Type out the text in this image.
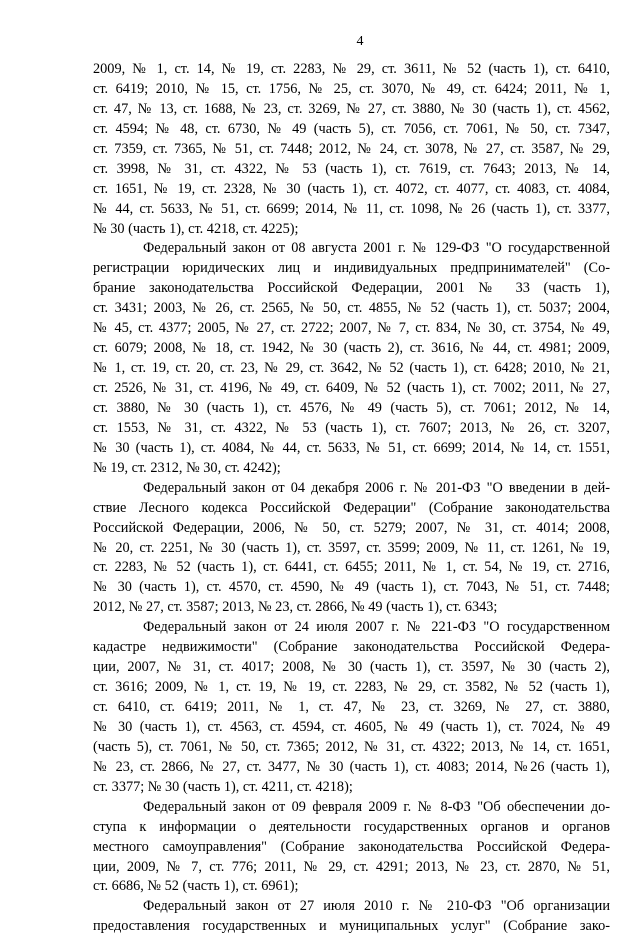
4
2009, № 1, ст. 14, № 19, ст. 2283, № 29, ст. 3611, № 52 (часть 1), ст. 6410,
ст. 6419; 2010, № 15, ст. 1756, № 25, ст. 3070, № 49, ст. 6424; 2011, № 1,
ст. 47, № 13, ст. 1688, № 23, ст. 3269, № 27, ст. 3880, № 30 (часть 1), ст. 4562,
ст. 4594; № 48, ст. 6730, № 49 (часть 5), ст. 7056, ст. 7061, № 50, ст. 7347,
ст. 7359, ст. 7365, № 51, ст. 7448; 2012, № 24, ст. 3078, № 27, ст. 3587, № 29,
ст. 3998, № 31, ст. 4322, № 53 (часть 1), ст. 7619, ст. 7643; 2013, № 14,
ст. 1651, № 19, ст. 2328, № 30 (часть 1), ст. 4072, ст. 4077, ст. 4083, ст. 4084,
№ 44, ст. 5633, № 51, ст. 6699; 2014, № 11, ст. 1098, № 26 (часть 1), ст. 3377,
№ 30 (часть 1), ст. 4218, ст. 4225);
Федеральный закон от 08 августа 2001 г. № 129-ФЗ "О государственной
регистрации юридических лиц и индивидуальных предпринимателей" (Со-
брание законодательства Российской Федерации, 2001 № 33 (часть 1),
ст. 3431; 2003, № 26, ст. 2565, № 50, ст. 4855, № 52 (часть 1), ст. 5037; 2004,
№ 45, ст. 4377; 2005, № 27, ст. 2722; 2007, № 7, ст. 834, № 30, ст. 3754, № 49,
ст. 6079; 2008, № 18, ст. 1942, № 30 (часть 2), ст. 3616, № 44, ст. 4981; 2009,
№ 1, ст. 19, ст. 20, ст. 23, № 29, ст. 3642, № 52 (часть 1), ст. 6428; 2010, № 21,
ст. 2526, № 31, ст. 4196, № 49, ст. 6409, № 52 (часть 1), ст. 7002; 2011, № 27,
ст. 3880, № 30 (часть 1), ст. 4576, № 49 (часть 5), ст. 7061; 2012, № 14,
ст. 1553, № 31, ст. 4322, № 53 (часть 1), ст. 7607; 2013, № 26, ст. 3207,
№ 30 (часть 1), ст. 4084, № 44, ст. 5633, № 51, ст. 6699; 2014, № 14, ст. 1551,
№ 19, ст. 2312, № 30, ст. 4242);
Федеральный закон от 04 декабря 2006 г. № 201-ФЗ "О введении в дей-
ствие Лесного кодекса Российской Федерации" (Собрание законодательства
Российской Федерации, 2006, № 50, ст. 5279; 2007, № 31, ст. 4014; 2008,
№ 20, ст. 2251, № 30 (часть 1), ст. 3597, ст. 3599; 2009, № 11, ст. 1261, № 19,
ст. 2283, № 52 (часть 1), ст. 6441, ст. 6455; 2011, № 1, ст. 54, № 19, ст. 2716,
№ 30 (часть 1), ст. 4570, ст. 4590, № 49 (часть 1), ст. 7043, № 51, ст. 7448;
2012, № 27, ст. 3587; 2013, № 23, ст. 2866, № 49 (часть 1), ст. 6343;
Федеральный закон от 24 июля 2007 г. № 221-ФЗ "О государственном
кадастре недвижимости" (Собрание законодательства Российской Федера-
ции, 2007, № 31, ст. 4017; 2008, № 30 (часть 1), ст. 3597, № 30 (часть 2),
ст. 3616; 2009, № 1, ст. 19, № 19, ст. 2283, № 29, ст. 3582, № 52 (часть 1),
ст. 6410, ст. 6419; 2011, № 1, ст. 47, № 23, ст. 3269, № 27, ст. 3880,
№ 30 (часть 1), ст. 4563, ст. 4594, ст. 4605, № 49 (часть 1), ст. 7024, № 49
(часть 5), ст. 7061, № 50, ст. 7365; 2012, № 31, ст. 4322; 2013, № 14, ст. 1651,
№ 23, ст. 2866, № 27, ст. 3477, № 30 (часть 1), ст. 4083; 2014, №26 (часть 1),
ст. 3377; № 30 (часть 1), ст. 4211, ст. 4218);
Федеральный закон от 09 февраля 2009 г. № 8-ФЗ "Об обеспечении до-
ступа к информации о деятельности государственных органов и органов
местного самоуправления" (Собрание законодательства Российской Федера-
ции, 2009, № 7, ст. 776; 2011, № 29, ст. 4291; 2013, № 23, ст. 2870, № 51,
ст. 6686, № 52 (часть 1), ст. 6961);
Федеральный закон от 27 июля 2010 г. № 210-ФЗ "Об организации
предоставления государственных и муниципальных услуг" (Собрание зако-
